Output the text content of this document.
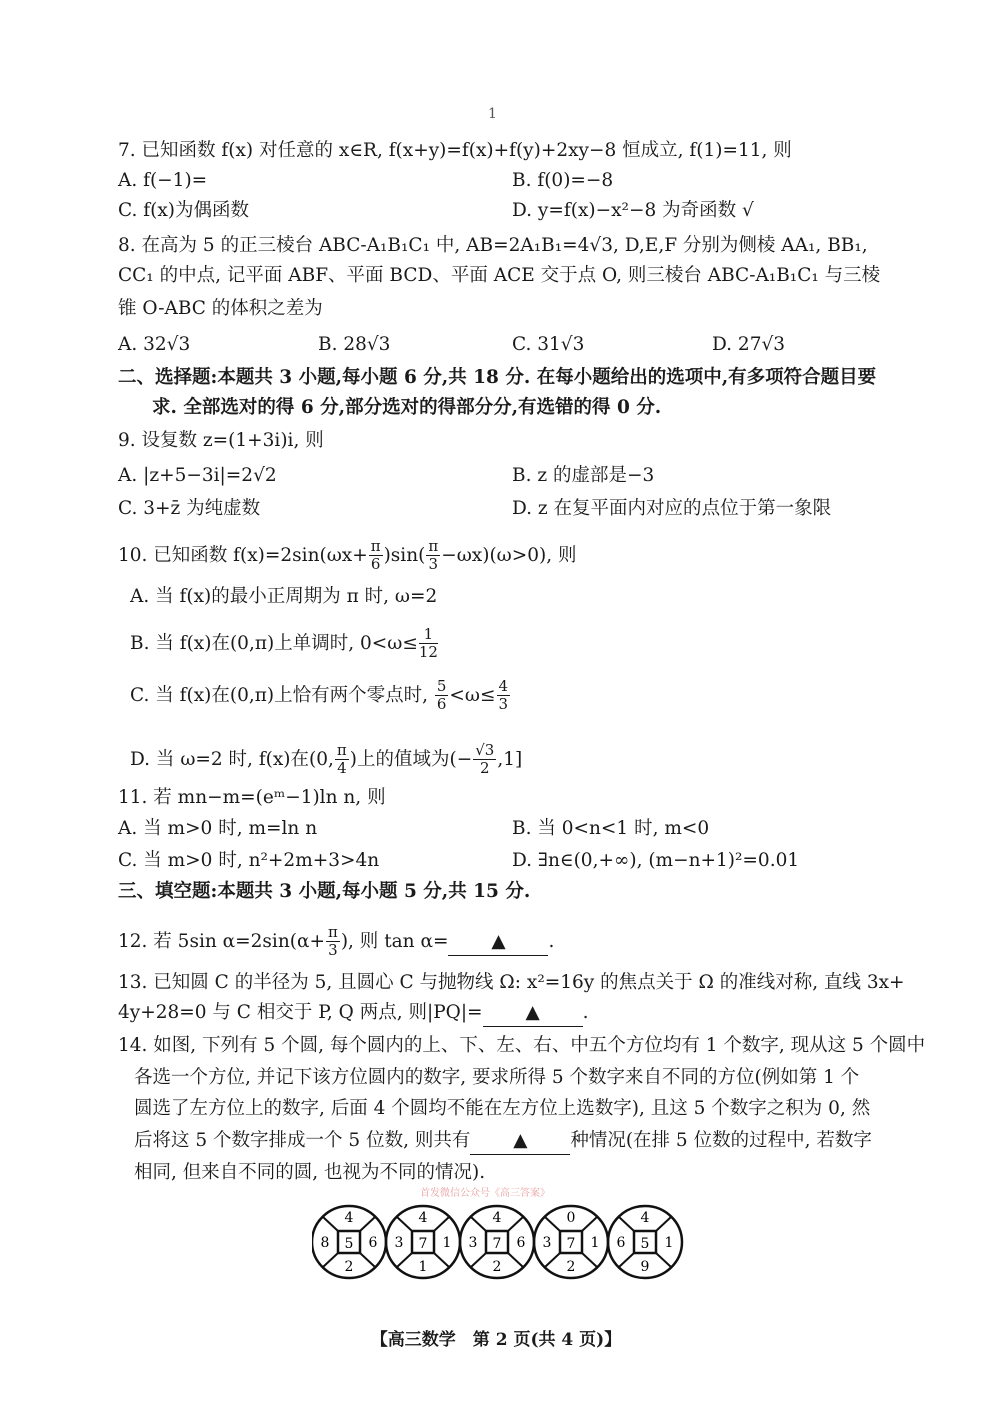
1
7. 已知函数 f(x) 对任意的 x∈R, f(x+y)=f(x)+f(y)+2xy−8 恒成立, f(1)=11, 则
A. f(−1)=	B. f(0)=−8
C. f(x)为偶函数	D. y=f(x)−x²−8 为奇函数 √
8. 在高为 5 的正三棱台 ABC-A₁B₁C₁ 中, AB=2A₁B₁=4√3, D,E,F 分别为侧棱 AA₁, BB₁,
CC₁ 的中点, 记平面 ABF、平面 BCD、平面 ACE 交于点 O, 则三棱台 ABC-A₁B₁C₁ 与三棱
锥 O-ABC 的体积之差为
A. 32√3	B. 28√3	C. 31√3	D. 27√3
二、选择题:本题共 3 小题,每小题 6 分,共 18 分. 在每小题给出的选项中,有多项符合题目要
求. 全部选对的得 6 分,部分选对的得部分分,有选错的得 0 分.
9. 设复数 z=(1+3i)i, 则
A. |z+5−3i|=2√2	B. z 的虚部是−3
C. 3+z̄ 为纯虚数	D. z 在复平面内对应的点位于第一象限
10. 已知函数 $f(x)=2\sin(\omega x+ \frac{\pi}{6} )\sin( \frac{\pi}{3} -\omega x)(\omega>0)$, 则
A. 当 f(x)的最小正周期为 π 时, ω=2
B. 当 f(x)在(0,π)上单调时, $0<\omega\le \frac{1}{12}$
C. 当 f(x)在(0,π)上恰有两个零点时, $\frac{5}{6} <\omega\le \frac{4}{3}$
D. 当 ω=2 时, f(x)在(0, $\frac{\pi}{4}$ )上的值域为(− $\frac{√3}{2} ,1$]
11. 若 mn−m=(eᵐ−1)ln n, 则
A. 当 m>0 时, m=ln n	B. 当 0<n<1 时, m<0
C. 当 m>0 时, n²+2m+3>4n	D. ∃n∈(0,+∞), (m−n+1)²=0.01
三、填空题:本题共 3 小题,每小题 5 分,共 15 分.
12. 若 5sin $\alpha=2\sin(\alpha+ \frac{\pi}{3}$ ), 则 tan α= ▲ .
13. 已知圆 C 的半径为 5, 且圆心 C 与抛物线 Ω: x²=16y 的焦点关于 Ω 的准线对称, 直线 3x+
4y+28=0 与 C 相交于 P, Q 两点, 则|PQ|= ▲ .
14. 如图, 下列有 5 个圆, 每个圆内的上、下、左、右、中五个方位均有 1 个数字, 现从这 5 个圆中
各选一个方位, 并记下该方位圆内的数字, 要求所得 5 个数字来自不同的方位(例如第 1 个
圆选了左方位上的数字, 后面 4 个圆均不能在左方位上选数字), 且这 5 个数字之积为 0, 然
后将这 5 个数字排成一个 5 位数, 则共有 ▲ 种情况(在排 5 位数的过程中, 若数字
相同, 但来自不同的圆, 也视为不同的情况).
首发微信公众号《高三答案》
4
2
8	6
5
4
1
3	1
7
4
2
3	6
7
0
2
3	1
7
4
9
6	1
5
【高三数学　第 2 页(共 4 页)】
